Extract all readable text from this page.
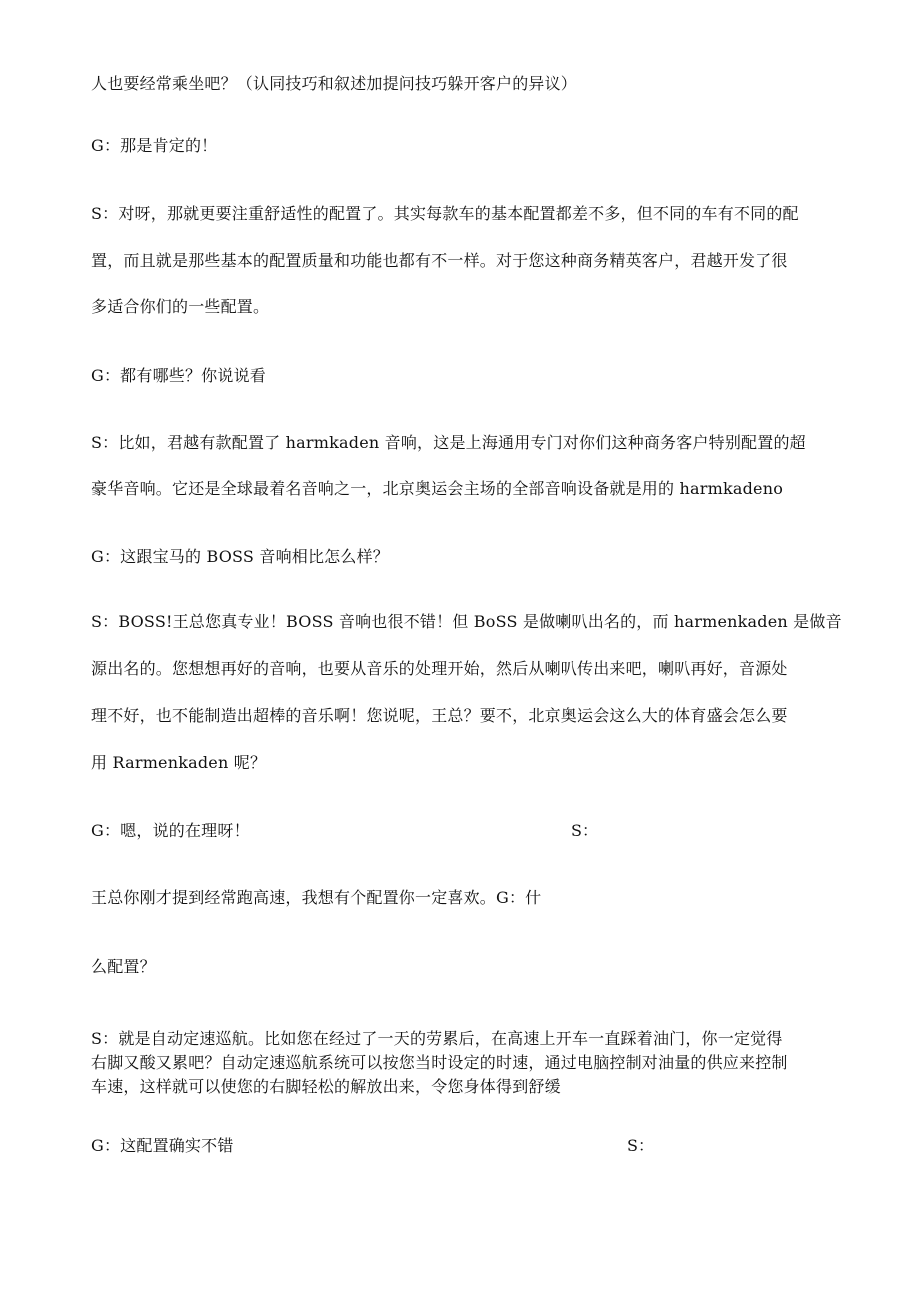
人也要经常乘坐吧？（认同技巧和叙述加提问技巧躲开客户的异议）

G：那是肯定的！

S：对呀，那就更要注重舒适性的配置了。其实每款车的基本配置都差不多，但不同的车有不同的配

置，而且就是那些基本的配置质量和功能也都有不一样。对于您这种商务精英客户，君越开发了很

多适合你们的一些配置。

G：都有哪些？你说说看

S：比如，君越有款配置了 harmkaden 音响，这是上海通用专门对你们这种商务客户特别配置的超

豪华音响。它还是全球最着名音响之一，北京奥运会主场的全部音响设备就是用的 harmkadeno

G：这跟宝马的 BOSS 音响相比怎么样？

S：BOSS!王总您真专业！BOSS 音响也很不错！但 BoSS 是做喇叭出名的，而 harmenkaden 是做音

源出名的。您想想再好的音响，也要从音乐的处理开始，然后从喇叭传出来吧，喇叭再好，音源处

理不好，也不能制造出超棒的音乐啊！您说呢，王总？要不，北京奥运会这么大的体育盛会怎么要

用 Rarmenkaden 呢？

G：嗯，说的在理呀！	S：

王总你刚才提到经常跑高速，我想有个配置你一定喜欢。G：什

么配置？

S：就是自动定速巡航。比如您在经过了一天的劳累后，在高速上开车一直踩着油门，你一定觉得

右脚又酸又累吧？自动定速巡航系统可以按您当时设定的时速，通过电脑控制对油量的供应来控制

车速，这样就可以使您的右脚轻松的解放出来，令您身体得到舒缓

G：这配置确实不错	S：
